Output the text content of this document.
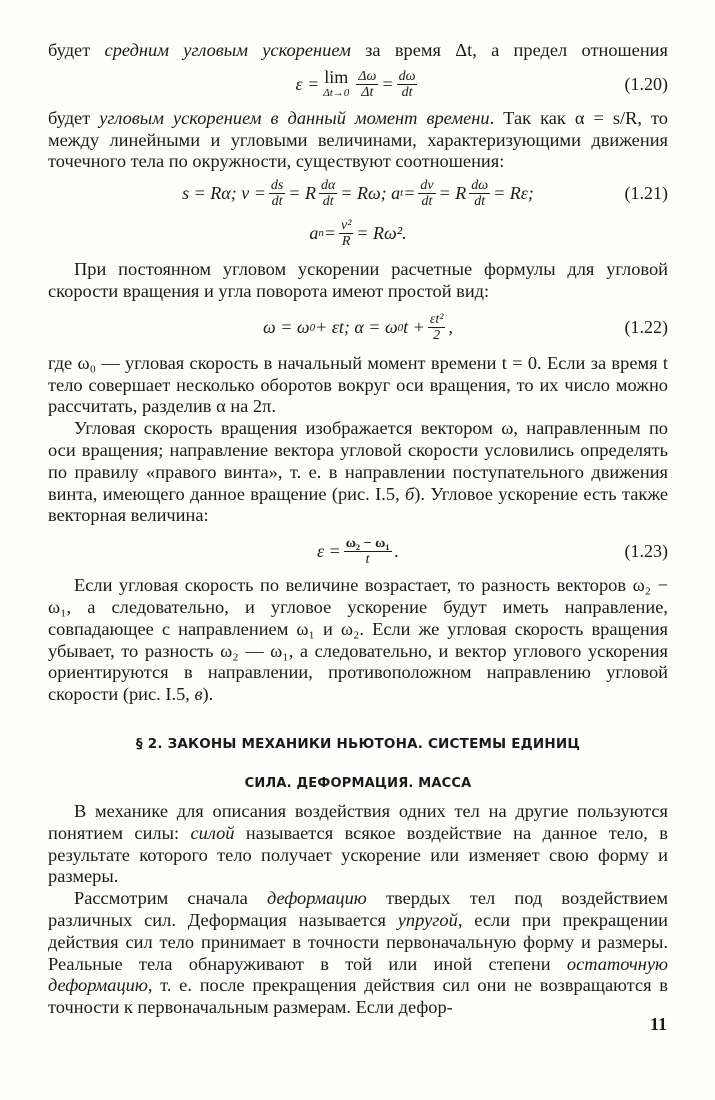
будет средним угловым ускорением за время Δt, а предел отношения

ε = lim
$\Delta t\to 0 \frac{\Delta\omega}{\Delta t} = \frac{d\omega}{dt}$	(1.20)

будет угловым ускорением в данный момент времени. Так как α = s/R, то между линейными и угловыми величинами, характеризующими движения точечного тела по окружности, существуют соотношения:

s = Rα; $v = \frac{ds}{dt} = R \frac{d\alpha}{dt} = R\omega$; a $t = \frac{dv}{dt} = R \frac{d\omega}{dt} = R\varepsilon$;	(1.21)
a $n = \frac{\text{v²}}{R} = R\omega^2$.

При постоянном угловом ускорении расчетные формулы для угловой скорости вращения и угла поворота имеют простой вид:

ω = ω 0 + εt; α = ω 0 $t + \frac{\text{εt²}}{2}$ ,	(1.22)

где ω₀ — угловая скорость в начальный момент времени t = 0. Если за время t тело совершает несколько оборотов вокруг оси вращения, то их число можно рассчитать, разделив α на 2π.

Угловая скорость вращения изображается вектором ω, направленным по оси вращения; направление вектора угловой скорости условились определять по правилу «правого винта», т. е. в направлении поступательного движения винта, имеющего данное вращение (рис. I.5, б). Угловое ускорение есть также векторная величина:

$\varepsilon = \frac{\text{ω₂ − ω₁}}{t}$ .	(1.23)

Если угловая скорость по величине возрастает, то разность векторов ω₂ − ω₁, а следовательно, и угловое ускорение будут иметь направление, совпадающее с направлением ω₁ и ω₂. Если же угловая скорость вращения убывает, то разность ω₂ — ω₁, а следовательно, и вектор углового ускорения ориентируются в направлении, противоположном направлению угловой скорости (рис. I.5, в).

§ 2. ЗАКОНЫ МЕХАНИКИ НЬЮТОНА. СИСТЕМЫ ЕДИНИЦ
СИЛА. ДЕФОРМАЦИЯ. МАССА

В механике для описания воздействия одних тел на другие пользуются понятием силы: силой называется всякое воздействие на данное тело, в результате которого тело получает ускорение или изменяет свою форму и размеры.

Рассмотрим сначала деформацию твердых тел под воздействием различных сил. Деформация называется упругой, если при прекращении действия сил тело принимает в точности первоначальную форму и размеры. Реальные тела обнаруживают в той или иной степени остаточную деформацию, т. е. после прекращения действия сил они не возвращаются в точности к первоначальным размерам. Если дефор-

11
